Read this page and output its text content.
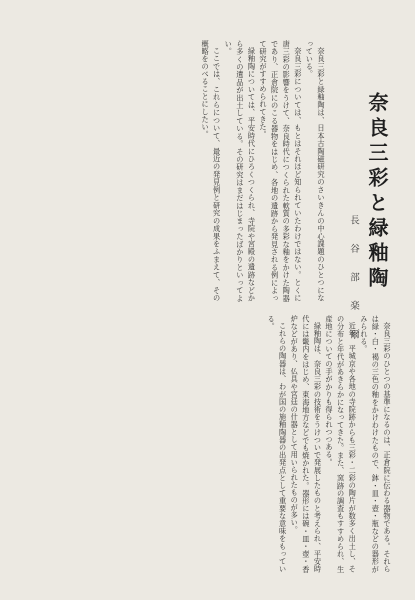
奈良三彩と緑釉陶
長 谷 部 楽 爾

奈良三彩と緑釉陶は、日本古陶磁研究のさいきんの中心課題のひとつになっている。

奈良三彩については、もとはそれほど知られていたわけではない。とくに唐三彩の影響をうけて、奈良時代につくられた軟質の多彩な釉をかけた陶器であり、正倉院にのこる器物をはじめ、各地の遺跡から発見される例によって研究がすすめられてきた。

緑釉陶については、平安時代にひろくつくられ、寺院や宮殿の遺跡などから多くの遺品が出土している。その研究はまだはじまったばかりといってよい。

ここでは、これらについて、最近の発見例と研究の成果をふまえて、その概略をのべることにしたい。

奈良三彩のひとつの基準になるのは、正倉院に伝わる器物である。それらは緑・白・褐の三色の釉をかけわけたもので、鉢・皿・壺・瓶などの器形がみられる。

近年、平城京や各地の寺院跡からも三彩・二彩の陶片が数多く出土し、その分布と年代があきらかになってきた。また、窯跡の調査もすすめられ、生産地についての手がかりも得られつつある。

緑釉陶は、奈良三彩の技術をうけついで発展したものと考えられ、平安時代には畿内をはじめ、東海地方などでも焼かれた。器形には碗・皿・壺・香炉などがあり、仏具や宮廷の什器として用いられたものが多い。

これらの陶器は、わが国の施釉陶器の出発点として重要な意味をもっている。
